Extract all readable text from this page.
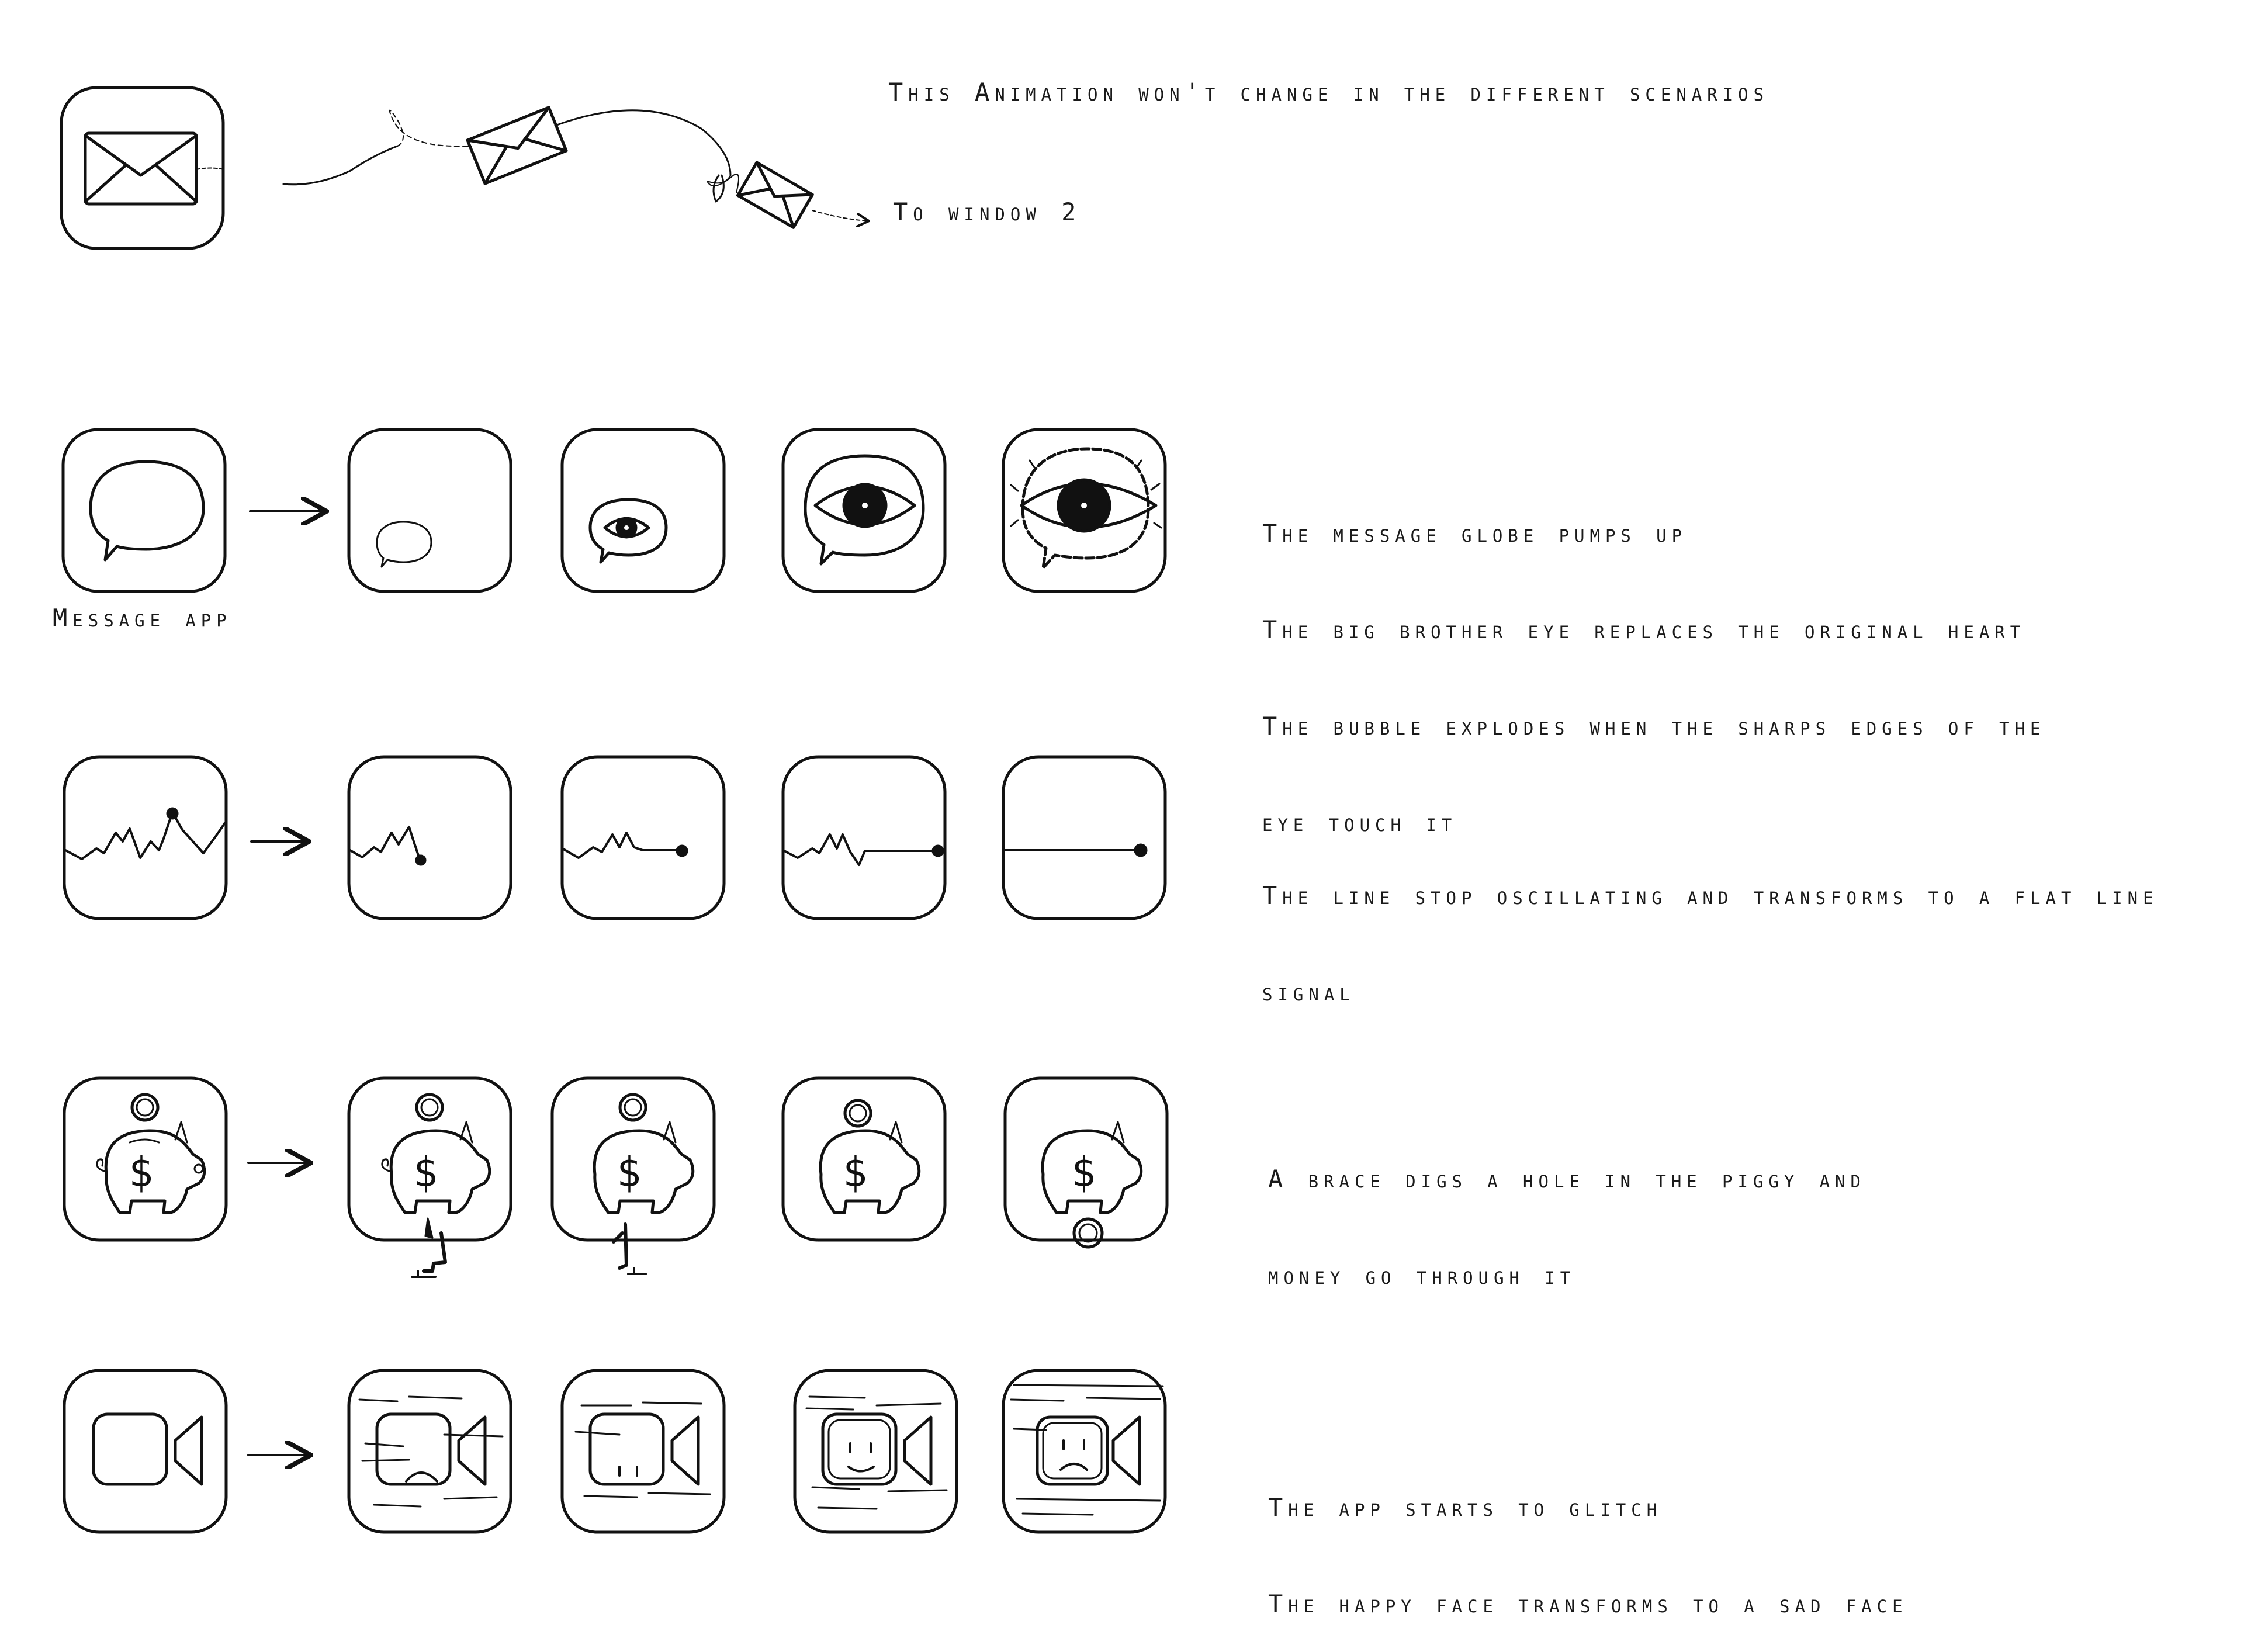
$	$	$	$	$

This Animation won't change in the different scenarios

To window 2

Message app

The message globe pumps up

The big brother eye replaces the original heart

The bubble explodes when the sharps edges of the

eye touch it

The line stop oscillating and transforms to a flat line

signal

A brace digs a hole in the piggy and

money go through it

The app starts to glitch

The happy face transforms to a sad face
